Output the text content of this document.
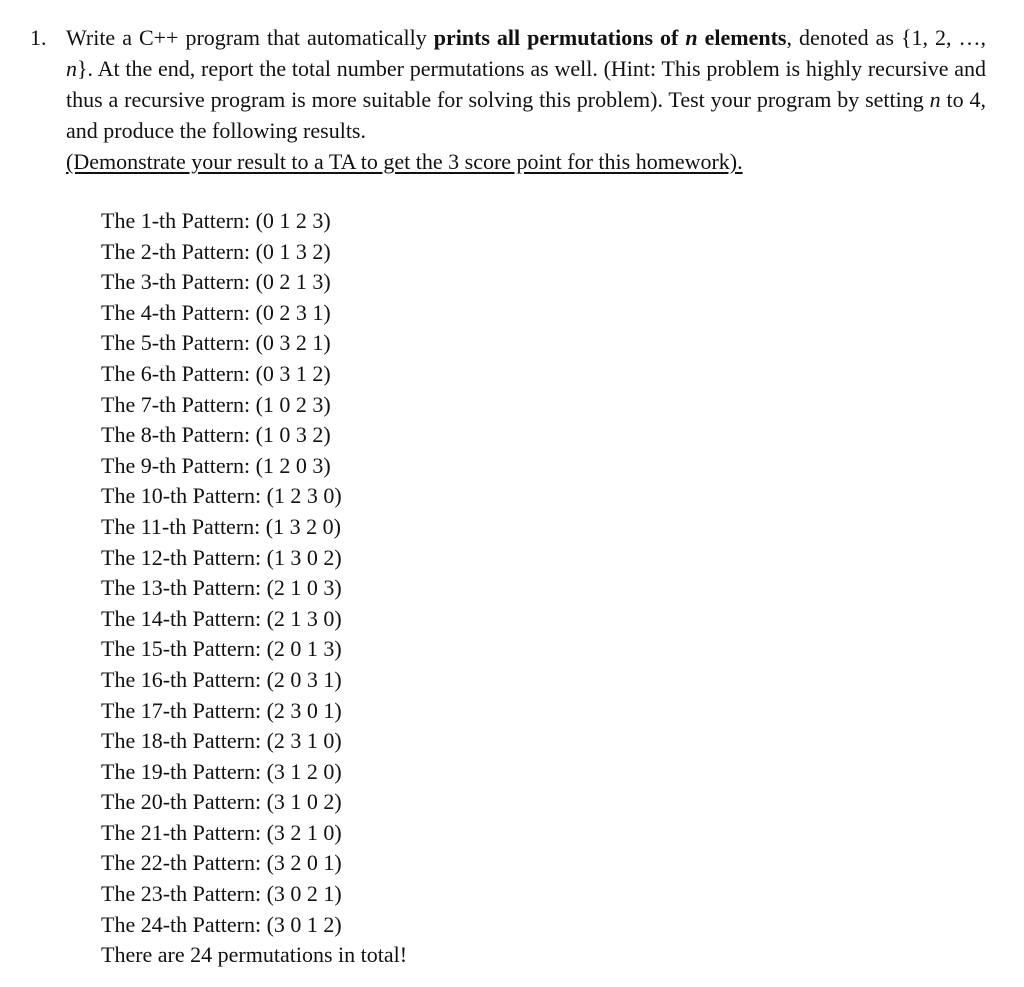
1. Write a C++ program that automatically prints all permutations of n elements, denoted as {1, 2, …, n}. At the end, report the total number permutations as well. (Hint: This problem is highly recursive and thus a recursive program is more suitable for solving this problem). Test your program by setting n to 4, and produce the following results.
(Demonstrate your result to a TA to get the 3 score point for this homework).
The 1-th Pattern: (0 1 2 3)
The 2-th Pattern: (0 1 3 2)
The 3-th Pattern: (0 2 1 3)
The 4-th Pattern: (0 2 3 1)
The 5-th Pattern: (0 3 2 1)
The 6-th Pattern: (0 3 1 2)
The 7-th Pattern: (1 0 2 3)
The 8-th Pattern: (1 0 3 2)
The 9-th Pattern: (1 2 0 3)
The 10-th Pattern: (1 2 3 0)
The 11-th Pattern: (1 3 2 0)
The 12-th Pattern: (1 3 0 2)
The 13-th Pattern: (2 1 0 3)
The 14-th Pattern: (2 1 3 0)
The 15-th Pattern: (2 0 1 3)
The 16-th Pattern: (2 0 3 1)
The 17-th Pattern: (2 3 0 1)
The 18-th Pattern: (2 3 1 0)
The 19-th Pattern: (3 1 2 0)
The 20-th Pattern: (3 1 0 2)
The 21-th Pattern: (3 2 1 0)
The 22-th Pattern: (3 2 0 1)
The 23-th Pattern: (3 0 2 1)
The 24-th Pattern: (3 0 1 2)
There are 24 permutations in total!
